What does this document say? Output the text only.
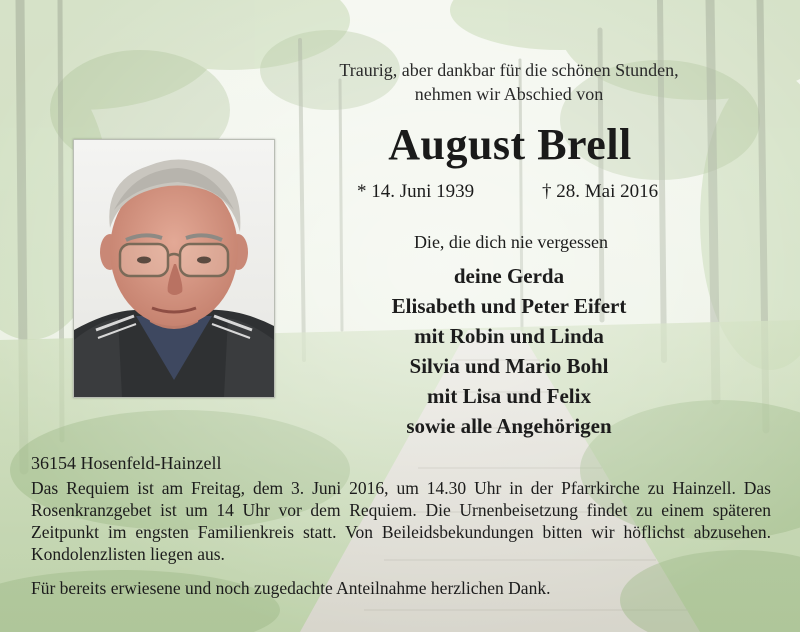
Traurig, aber dankbar für die schönen Stunden,
nehmen wir Abschied von
August Brell
* 14. Juni 1939	† 28. Mai 2016
Die, die dich nie vergessen
deine Gerda
Elisabeth und Peter Eifert
mit Robin und Linda
Silvia und Mario Bohl
mit Lisa und Felix
sowie alle Angehörigen
36154 Hosenfeld-Hainzell
Das Requiem ist am Freitag, dem 3. Juni 2016, um 14.30 Uhr in der Pfarrkirche zu Hainzell. Das Rosenkranzgebet ist um 14 Uhr vor dem Requiem. Die Urnenbeisetzung findet zu einem späteren Zeitpunkt im engsten Familienkreis statt. Von Beileidsbekundungen bitten wir höflichst abzusehen. Kondolenzlisten liegen aus.
Für bereits erwiesene und noch zugedachte Anteilnahme herzlichen Dank.
